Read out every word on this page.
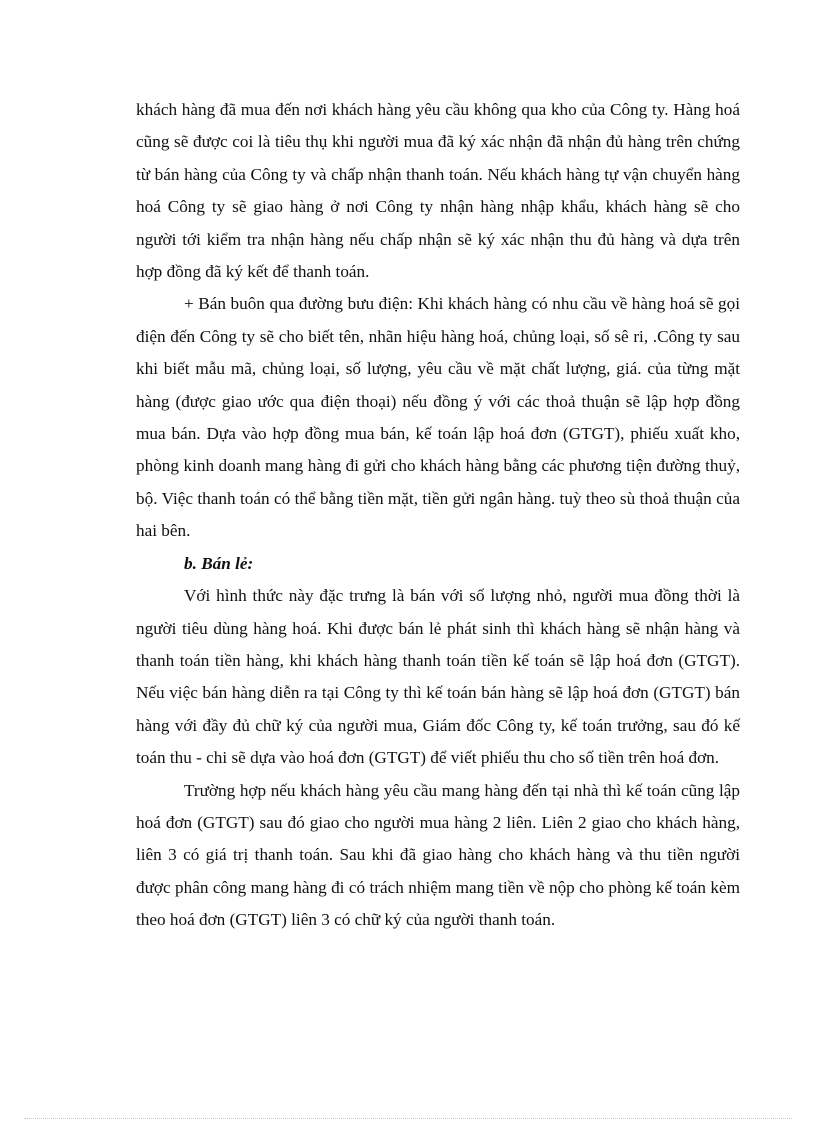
khách hàng đã mua đến nơi khách hàng yêu cầu không qua kho của Công ty. Hàng hoá cũng sẽ được coi là tiêu thụ khi người mua đã ký xác nhận đã nhận đủ hàng trên chứng từ bán hàng của Công ty và chấp nhận thanh toán. Nếu khách hàng tự vận chuyển hàng hoá Công ty sẽ giao hàng ở nơi Công ty nhận hàng nhập khẩu, khách hàng sẽ cho người tới kiểm tra nhận hàng nếu chấp nhận sẽ ký xác nhận thu đủ hàng và dựa trên hợp đồng đã ký kết để thanh toán.

+ Bán buôn qua đường bưu điện: Khi khách hàng có nhu cầu về hàng hoá sẽ gọi điện đến Công ty sẽ cho biết tên, nhãn hiệu hàng hoá, chủng loại, số sê ri, .Công ty sau khi biết mẫu mã, chủng loại, số lượng, yêu cầu về mặt chất lượng, giá. của từng mặt hàng (được giao ước qua điện thoại) nếu đồng ý với các thoả thuận sẽ lập hợp đồng mua bán. Dựa vào hợp đồng mua bán, kế toán lập hoá đơn (GTGT), phiếu xuất kho, phòng kinh doanh mang hàng đi gửi cho khách hàng bằng các phương tiện đường thuỷ, bộ. Việc thanh toán có thể bằng tiền mặt, tiền gửi ngân hàng. tuỳ theo sù thoả thuận của hai bên.

b. Bán lẻ:

Với hình thức này đặc trưng là bán với số lượng nhỏ, người mua đồng thời là người tiêu dùng hàng hoá. Khi được bán lẻ phát sinh thì khách hàng sẽ nhận hàng và thanh toán tiền hàng, khi khách hàng thanh toán tiền kế toán sẽ lập hoá đơn (GTGT). Nếu việc bán hàng diễn ra tại Công ty thì kế toán bán hàng sẽ lập hoá đơn (GTGT) bán hàng với đầy đủ chữ ký của người mua, Giám đốc Công ty, kế toán trưởng, sau đó kế toán thu - chi sẽ dựa vào hoá đơn (GTGT) để viết phiếu thu cho số tiền trên hoá đơn.

Trường hợp nếu khách hàng yêu cầu mang hàng đến tại nhà thì kế toán cũng lập hoá đơn (GTGT) sau đó giao cho người mua hàng 2 liên. Liên 2 giao cho khách hàng, liên 3 có giá trị thanh toán. Sau khi đã giao hàng cho khách hàng và thu tiền người được phân công mang hàng đi có trách nhiệm mang tiền về nộp cho phòng kế toán kèm theo hoá đơn (GTGT) liên 3 có chữ ký của người thanh toán.
